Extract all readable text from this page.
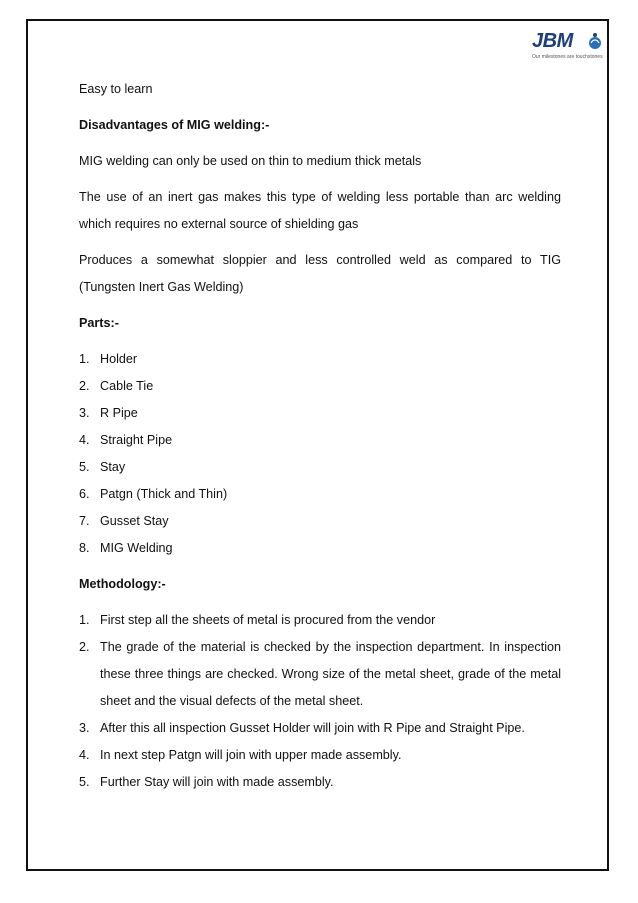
JBM
Our milestones are touchstones

Easy to learn

Disadvantages of MIG welding:-

MIG welding can only be used on thin to medium thick metals

The use of an inert gas makes this type of welding less portable than arc welding which requires no external source of shielding gas

Produces a somewhat sloppier and less controlled weld as compared to TIG (Tungsten Inert Gas Welding)

Parts:-

1. Holder
2. Cable Tie
3. R Pipe
4. Straight Pipe
5. Stay
6. Patgn (Thick and Thin)
7. Gusset Stay
8. MIG Welding

Methodology:-

1. First step all the sheets of metal is procured from the vendor
2. The grade of the material is checked by the inspection department. In inspection these three things are checked. Wrong size of the metal sheet, grade of the metal sheet and the visual defects of the metal sheet.
3. After this all inspection Gusset Holder will join with R Pipe and Straight Pipe.
4. In next step Patgn will join with upper made assembly.
5. Further Stay will join with made assembly.
